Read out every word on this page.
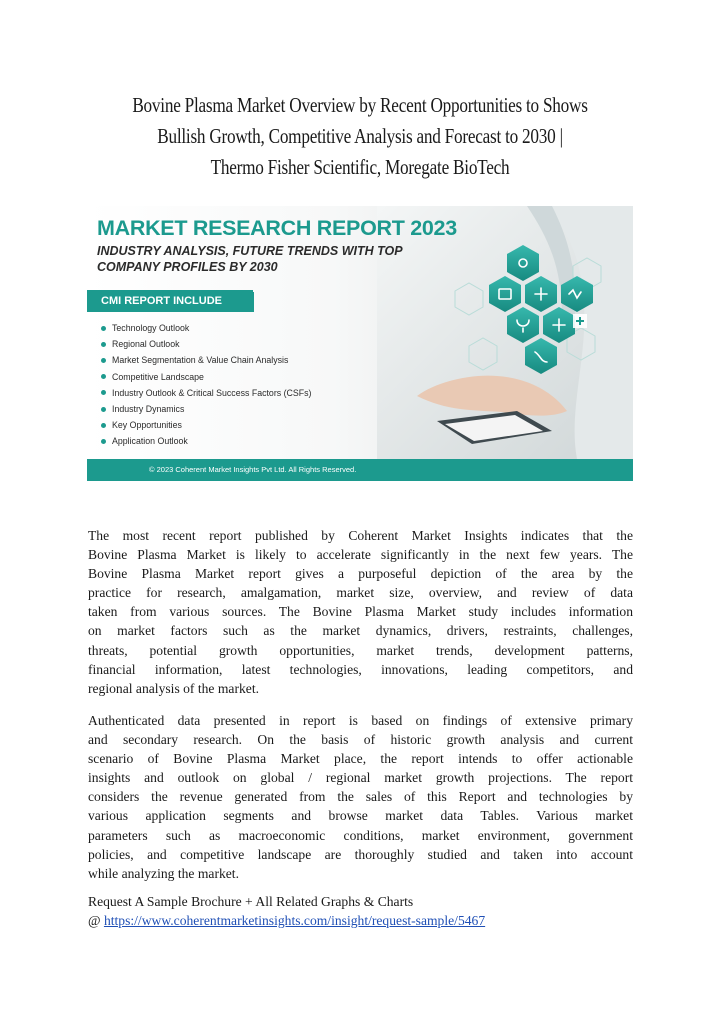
Bovine Plasma Market Overview by Recent Opportunities to Shows
Bullish Growth, Competitive Analysis and Forecast to 2030 |
Thermo Fisher Scientific, Moregate BioTech
MARKET RESEARCH REPORT 2023
INDUSTRY ANALYSIS, FUTURE TRENDS WITH TOP
COMPANY PROFILES BY 2030
CMI REPORT INCLUDE
Technology Outlook
Regional Outlook
Market Segmentation & Value Chain Analysis
Competitive Landscape
Industry Outlook & Critical Success Factors (CSFs)
Industry Dynamics
Key Opportunities
Application Outlook
© 2023 Coherent Market Insights Pvt Ltd. All Rights Reserved.
The most recent report published by Coherent Market Insights indicates that the
Bovine Plasma Market is likely to accelerate significantly in the next few years. The
Bovine Plasma Market report gives a purposeful depiction of the area by the
practice for research, amalgamation, market size, overview, and review of data
taken from various sources. The Bovine Plasma Market study includes information
on market factors such as the market dynamics, drivers, restraints, challenges,
threats, potential growth opportunities, market trends, development patterns,
financial information, latest technologies, innovations, leading competitors, and
regional analysis of the market.
Authenticated data presented in report is based on findings of extensive primary
and secondary research. On the basis of historic growth analysis and current
scenario of Bovine Plasma Market place, the report intends to offer actionable
insights and outlook on global / regional market growth projections. The report
considers the revenue generated from the sales of this Report and technologies by
various application segments and browse market data Tables. Various market
parameters such as macroeconomic conditions, market environment, government
policies, and competitive landscape are thoroughly studied and taken into account
while analyzing the market.
Request A Sample Brochure + All Related Graphs & Charts
@ https://www.coherentmarketinsights.com/insight/request-sample/5467
